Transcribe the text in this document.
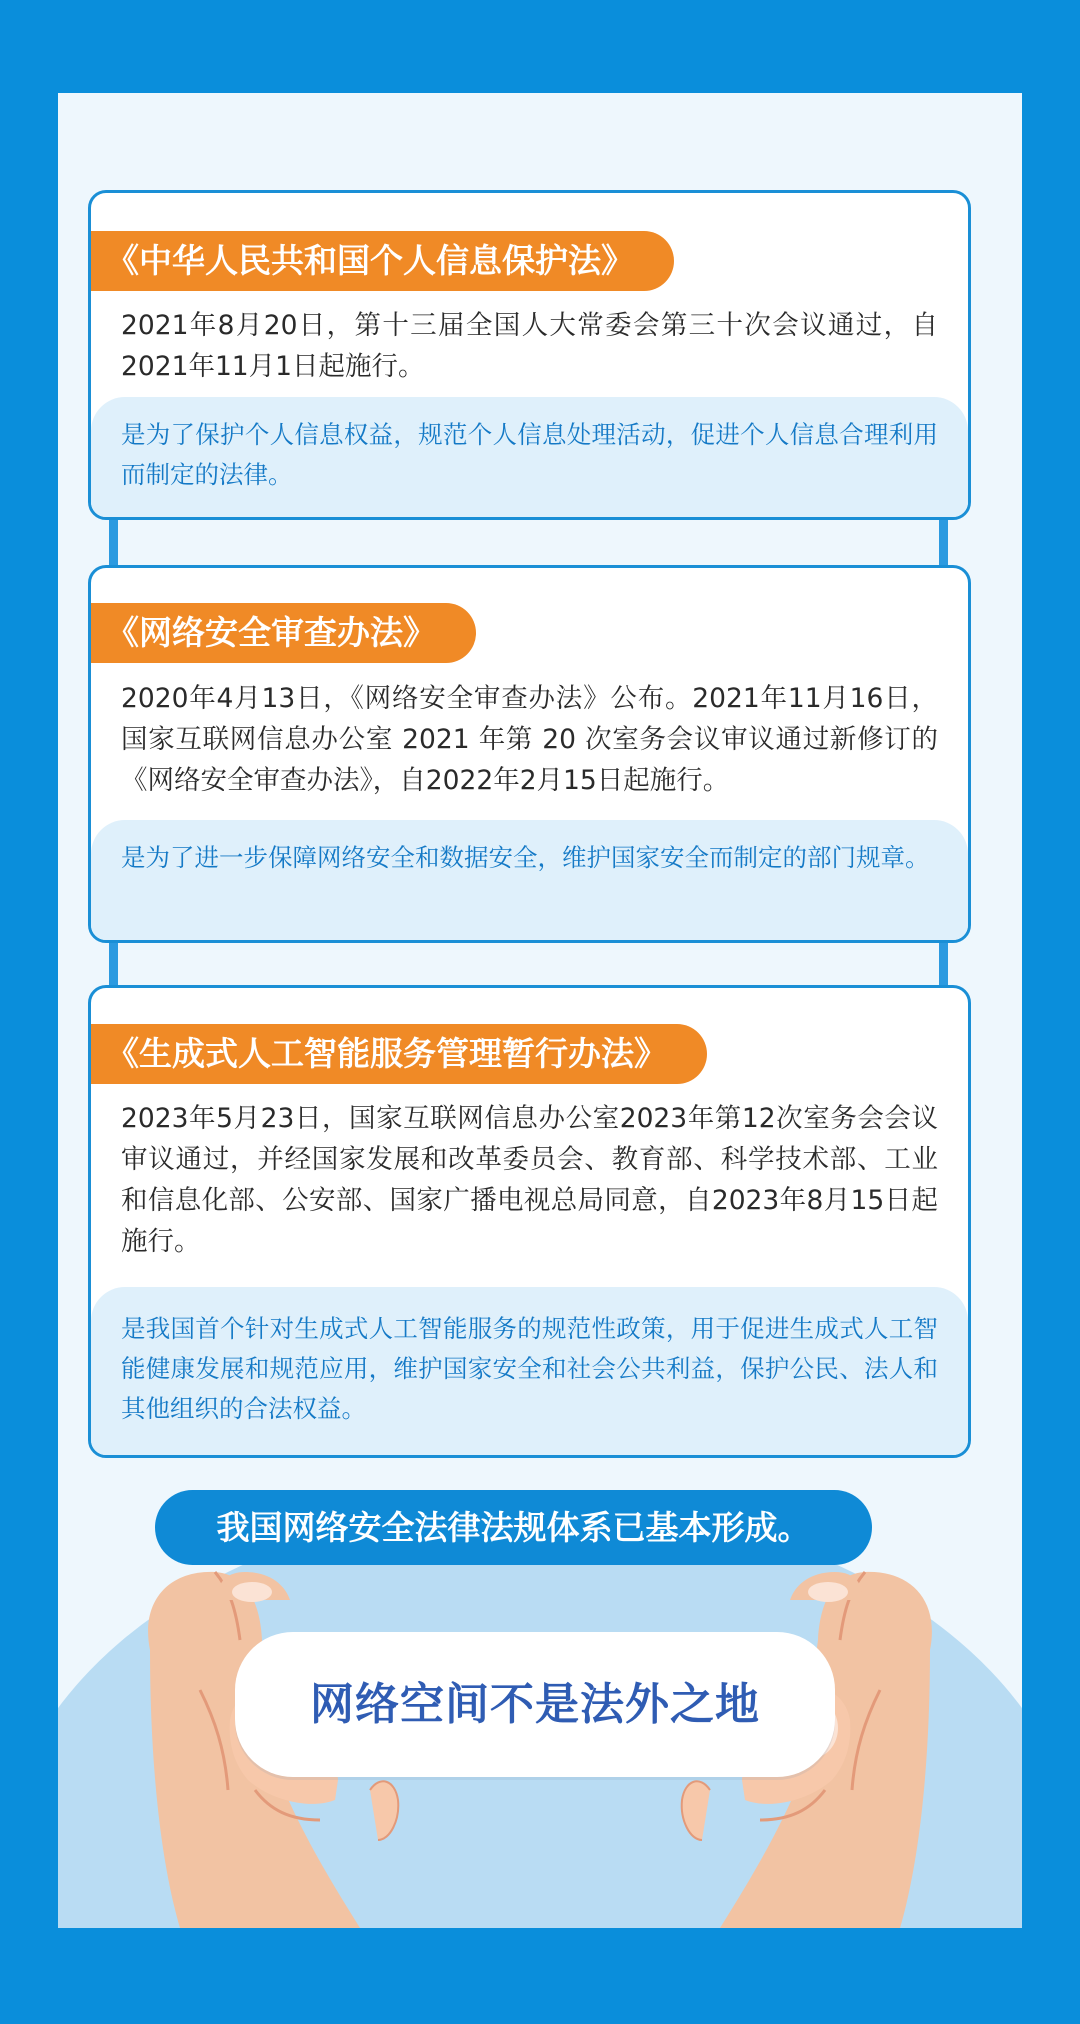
《中华人民共和国个人信息保护法》
2021年8月20日，第十三届全国人大常委会第三十次会议通过，自2021年11月1日起施行。
是为了保护个人信息权益，规范个人信息处理活动，促进个人信息合理利用而制定的法律。
《网络安全审查办法》
2020年4月13日，《网络安全审查办法》公布。2021年11月16日，国家互联网信息办公室 2021 年第 20 次室务会议审议通过新修订的《网络安全审查办法》，自2022年2月15日起施行。
是为了进一步保障网络安全和数据安全，维护国家安全而制定的部门规章。
《生成式人工智能服务管理暂行办法》
2023年5月23日，国家互联网信息办公室2023年第12次室务会会议审议通过，并经国家发展和改革委员会、教育部、科学技术部、工业和信息化部、公安部、国家广播电视总局同意，自2023年8月15日起施行。
是我国首个针对生成式人工智能服务的规范性政策，用于促进生成式人工智能健康发展和规范应用，维护国家安全和社会公共利益，保护公民、法人和其他组织的合法权益。
我国网络安全法律法规体系已基本形成。
网络空间不是法外之地
